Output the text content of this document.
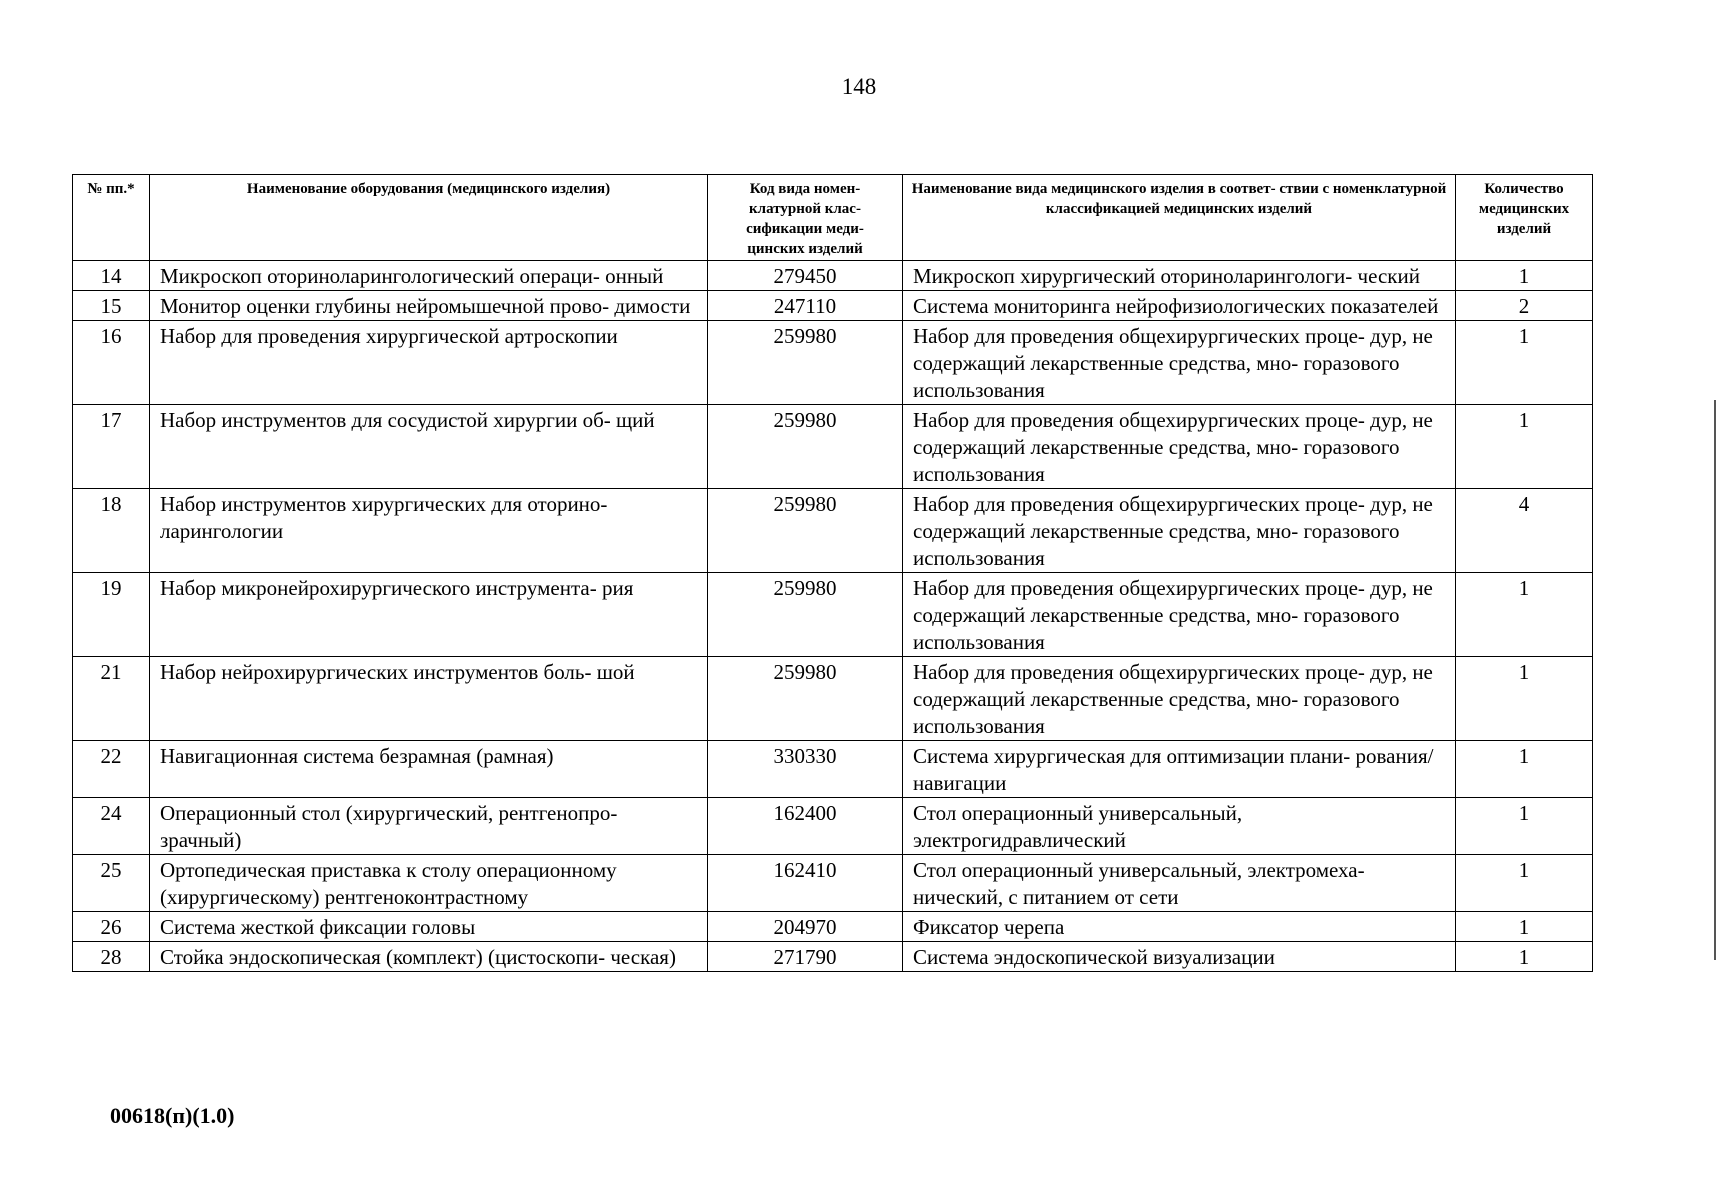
148
№ пп.*	Наименование оборудования (медицинского изделия)	Код вида номен- клатурной клас- сификации меди- цинских изделий	Наименование вида медицинского изделия в соответ- ствии с номенклатурной классификацией медицинских изделий	Количество медицинских изделий
14	Микроскоп оториноларингологический операци- онный	279450	Микроскоп хирургический оториноларингологи- ческий	1
15	Монитор оценки глубины нейромышечной прово- димости	247110	Система мониторинга нейрофизиологических показателей	2
16	Набор для проведения хирургической артроскопии	259980	Набор для проведения общехирургических проце- дур, не содержащий лекарственные средства, мно- горазового использования	1
17	Набор инструментов для сосудистой хирургии об- щий	259980	Набор для проведения общехирургических проце- дур, не содержащий лекарственные средства, мно- горазового использования	1
18	Набор инструментов хирургических для оторино- ларингологии	259980	Набор для проведения общехирургических проце- дур, не содержащий лекарственные средства, мно- горазового использования	4
19	Набор микронейрохирургического инструмента- рия	259980	Набор для проведения общехирургических проце- дур, не содержащий лекарственные средства, мно- горазового использования	1
21	Набор нейрохирургических инструментов боль- шой	259980	Набор для проведения общехирургических проце- дур, не содержащий лекарственные средства, мно- горазового использования	1
22	Навигационная система безрамная (рамная)	330330	Система хирургическая для оптимизации плани- рования/навигации	1
24	Операционный стол (хирургический, рентгенопро- зрачный)	162400	Стол операционный универсальный, электрогидравлический	1
25	Ортопедическая приставка к столу операционному (хирургическому) рентгеноконтрастному	162410	Стол операционный универсальный, электромеха- нический, с питанием от сети	1
26	Система жесткой фиксации головы	204970	Фиксатор черепа	1
28	Стойка эндоскопическая (комплект) (цистоскопи- ческая)	271790	Система эндоскопической визуализации	1
00618(п)(1.0)
